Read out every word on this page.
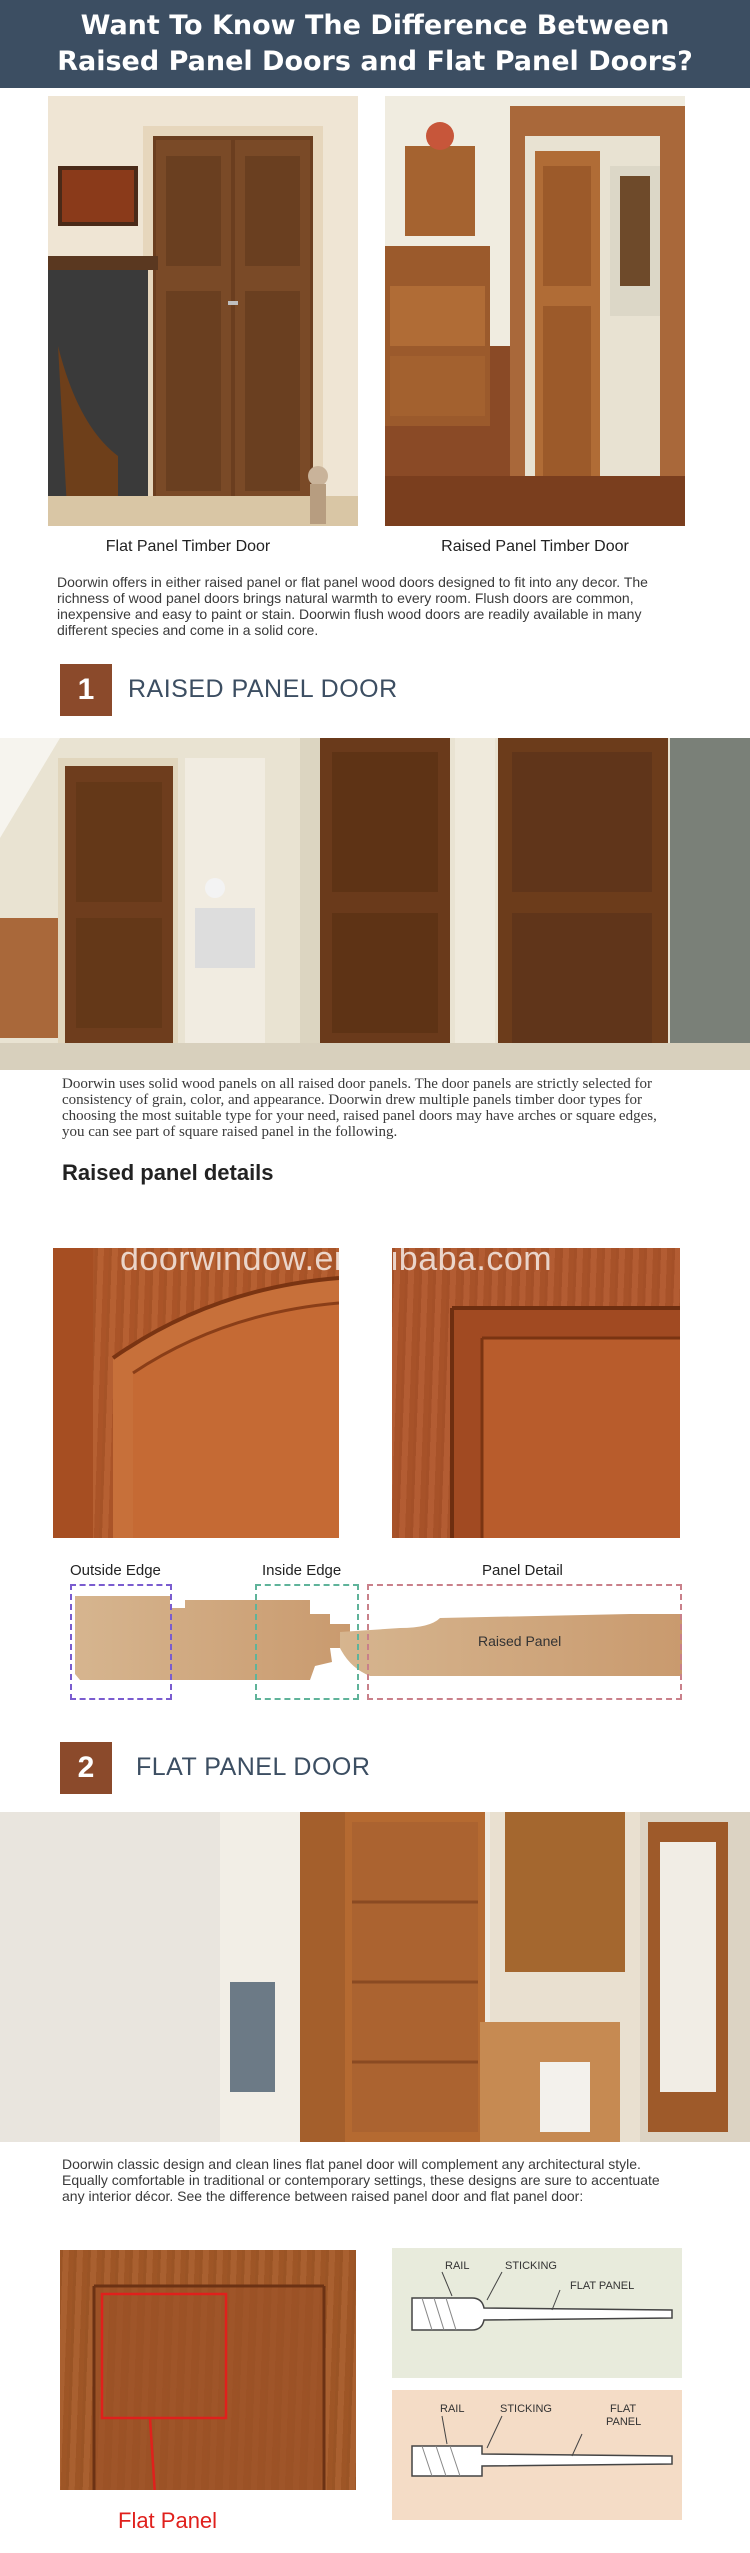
Want To Know The Difference Between
Raised Panel Doors and Flat Panel Doors?
Flat Panel Timber Door	Raised Panel Timber Door
Doorwin offers in either raised panel or flat panel wood doors designed to fit into any decor. The richness of wood panel doors brings natural warmth to every room. Flush doors are common, inexpensive and easy to paint or stain. Doorwin flush wood doors are readily available in many different species and come in a solid core.
1	RAISED PANEL DOOR
Doorwin uses solid wood panels on all raised door panels. The door panels are strictly selected for consistency of grain, color, and appearance. Doorwin drew multiple panels timber door types for choosing the most suitable type for your need, raised panel doors may have arches or square edges, you can see part of square raised panel in the following.
Raised panel details
doorwindow.en.alibaba.com
Outside Edge	Inside Edge	Panel Detail
Raised Panel
2	FLAT PANEL DOOR
Doorwin classic design and clean lines flat panel door will complement any architectural style. Equally comfortable in traditional or contemporary settings, these designs are sure to accentuate any interior décor. See the difference between raised panel door and flat panel door:
Flat Panel
RAIL	STICKING
FLAT PANEL
RAIL	STICKING	FLAT
PANEL
